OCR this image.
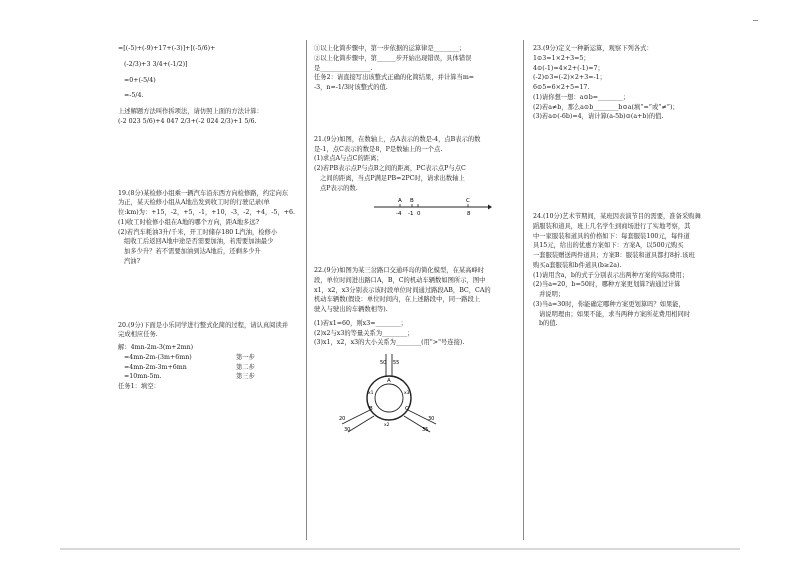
−
=[(-5)+(-9)+17+(-3)]+[(-5/6)+
(-2/3)+3 3/4+(-1/2)]
=0+(-5/4)
=-5/4.
上述解题方法叫作拆项法，请仿照上面的方法计算：
(-2 023 5/6)+4 047 2/3+(-2 024 2/3)+1 5/6.
19.(8分)某检修小组乘一辆汽车沿东西方向检修路，约定向东
为正，某天检修小组从A地出发到收工时的行驶记录(单
位:km)为：+15，-2，+5，-1，+10，-3，-2，+4，-5，+6.
(1)收工时检修小组在A地的哪个方向，距A地多远?
(2)若汽车耗油3升/千米，开工时储存180 L汽油，检修小
组收工后返回A地中途是否需要加油，若需要加油最少
加多少升？若不需要加油到达A地后，还剩多少升
汽油?
20.(9分)下面是小乐同学进行整式化简的过程，请认真阅读并
完成相应任务.
解：4mn-2m-3(m+2mn)
=4mn-2m-(3m+6mn)	第一步
=4mn-2m-3m+6mn	第二步
=10mn-5m.	第三步
任务1：填空：
①以上化简步骤中，第一步依据的运算律是________；
②以上化简步骤中，第______步开始出现错误，具体错误
是________________.
任务2：请直接写出该整式正确的化简结果，并计算当m=
-3，n=-1/3时该整式的值.
21.(9分)如图，在数轴上，点A表示的数是-4，点B表示的数
是-1，点C表示的数是8，P是数轴上的一个点.
(1)求点A与点C的距离；
(2)若PB表示点P与点B之间的距离，PC表示点P与点C
之间的距离，当点P满足PB=2PC时，请求出数轴上
点P表示的数.
A B	C
-4 -1 0	8
22.(9分)如图为某三岔路口交通环岛的简化模型，在某高峰时
段，单位时间进出路口A，B，C的机动车辆数如图所示，图中
x1，x2，x3分别表示该时段单位时间通过路段AB，BC，CA的
机动车辆数(假设：单位时间内，在上述路段中，同一路段上
驶入与驶出的车辆数相等).
(1)若x1=60，则x3=________；
(2)x2与x3的等量关系为________；
(3)x1，x2，x3的大小关系为________(用">"号连接).
A
B	C
50 55
20
30
30
35
x1
x2
x3
23.(9分)定义一种新运算，观察下列各式：
1⊙3=1×2+3=5；
4⊙(-1)=4×2+(-1)=7；
(-2)⊙3=(-2)×2+3=-1；
6⊙5=6×2+5=17.
(1)请你想一想：a⊙b=________；
(2)若a≠b，那么a⊙b________b⊙a(填“=”或“≠”)；
(3)若a⊙(-6b)=4，请计算(a-5b)⊙(a+b)的值.
24.(10分)艺术节期间，某班因表演节目的需要，准备采购舞
蹈服装和道具，班上几名学生到商场进行了实地考察，其
中一家服装和道具的价格如下：每套服装100元，每件道
具15元，给出的优惠方案如下：方案A，以500元购买
一套服装赠送两件道具；方案B：服装和道具都打8折.该班
购买a套服装和b件道具(b≥2a).
(1)请用含a，b的式子分别表示出两种方案的实际费用；
(2)当a=20，b=50时，哪种方案更划算?请通过计算
并说明；
(3)当a=30时，你能确定哪种方案更划算吗？如果能，
请说明理由；如果不能，求当两种方案所花费用相同时
b的值.
